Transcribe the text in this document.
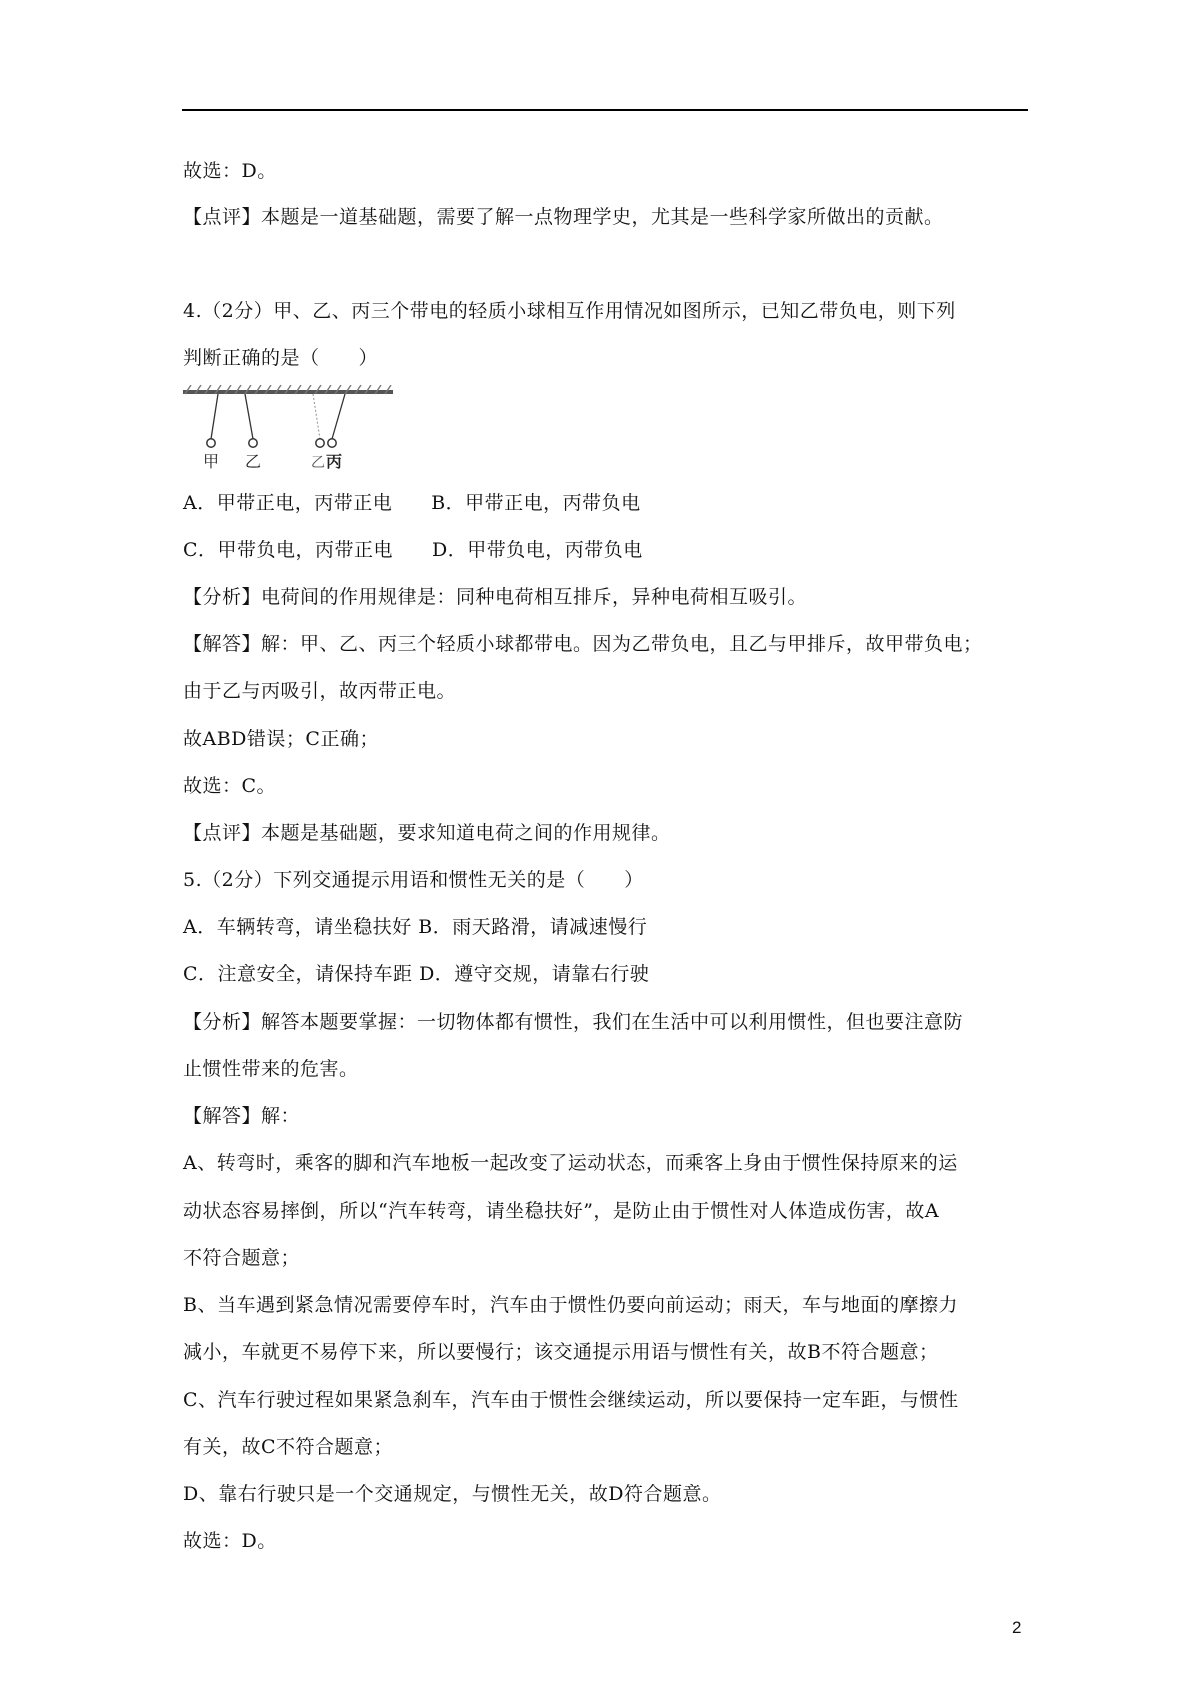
故选：D。
【点评】本题是一道基础题，需要了解一点物理学史，尤其是一些科学家所做出的贡献。
4.（2分）甲、乙、丙三个带电的轻质小球相互作用情况如图所示，已知乙带负电，则下列
判断正确的是（　　）
甲 乙	乙 丙
A．甲带正电，丙带正电　　B．甲带正电，丙带负电
C．甲带负电，丙带正电　　D．甲带负电，丙带负电
【分析】电荷间的作用规律是：同种电荷相互排斥，异种电荷相互吸引。
【解答】解：甲、乙、丙三个轻质小球都带电。因为乙带负电，且乙与甲排斥，故甲带负电；
由于乙与丙吸引，故丙带正电。
故ABD错误；C正确；
故选：C。
【点评】本题是基础题，要求知道电荷之间的作用规律。
5.（2分）下列交通提示用语和惯性无关的是（　　）
A．车辆转弯，请坐稳扶好 B．雨天路滑，请减速慢行
C．注意安全，请保持车距 D．遵守交规，请靠右行驶
【分析】解答本题要掌握：一切物体都有惯性，我们在生活中可以利用惯性，但也要注意防
止惯性带来的危害。
【解答】解：
A、转弯时，乘客的脚和汽车地板一起改变了运动状态，而乘客上身由于惯性保持原来的运
动状态容易摔倒，所以“汽车转弯，请坐稳扶好”，是防止由于惯性对人体造成伤害，故A
不符合题意；
B、当车遇到紧急情况需要停车时，汽车由于惯性仍要向前运动；雨天，车与地面的摩擦力
减小，车就更不易停下来，所以要慢行；该交通提示用语与惯性有关，故B不符合题意；
C、汽车行驶过程如果紧急刹车，汽车由于惯性会继续运动，所以要保持一定车距，与惯性
有关，故C不符合题意；
D、靠右行驶只是一个交通规定，与惯性无关，故D符合题意。
故选：D。
2
